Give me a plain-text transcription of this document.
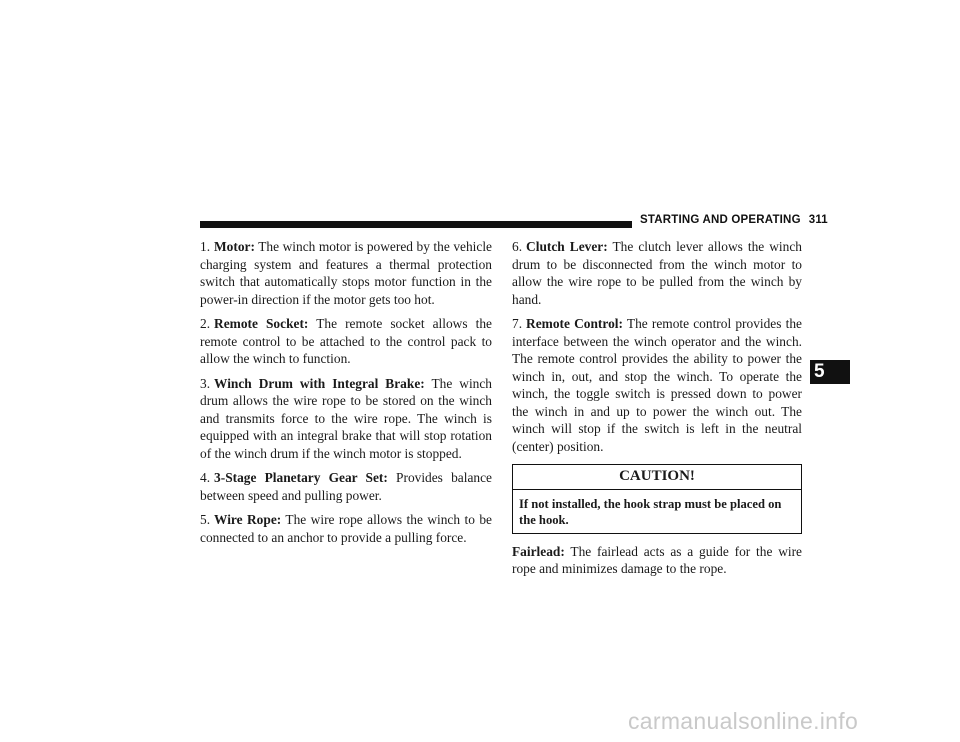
STARTING AND OPERATING 311

1. Motor: The winch motor is powered by the vehicle charging system and features a thermal protection switch that automatically stops motor function in the power-in direction if the motor gets too hot.

2. Remote Socket: The remote socket allows the remote control to be attached to the control pack to allow the winch to function.

3. Winch Drum with Integral Brake: The winch drum allows the wire rope to be stored on the winch and transmits force to the wire rope. The winch is equipped with an integral brake that will stop rotation of the winch drum if the winch motor is stopped.

4. 3-Stage Planetary Gear Set: Provides balance between speed and pulling power.

5. Wire Rope: The wire rope allows the winch to be connected to an anchor to provide a pulling force.

6. Clutch Lever: The clutch lever allows the winch drum to be disconnected from the winch motor to allow the wire rope to be pulled from the winch by hand.

7. Remote Control: The remote control provides the interface between the winch operator and the winch. The remote control provides the ability to power the winch in, out, and stop the winch. To operate the winch, the toggle switch is pressed down to power the winch in and up to power the winch out. The winch will stop if the switch is left in the neutral (center) position.

CAUTION!
If not installed, the hook strap must be placed on the hook.

Fairlead: The fairlead acts as a guide for the wire rope and minimizes damage to the rope.

5
carmanualsonline.info
